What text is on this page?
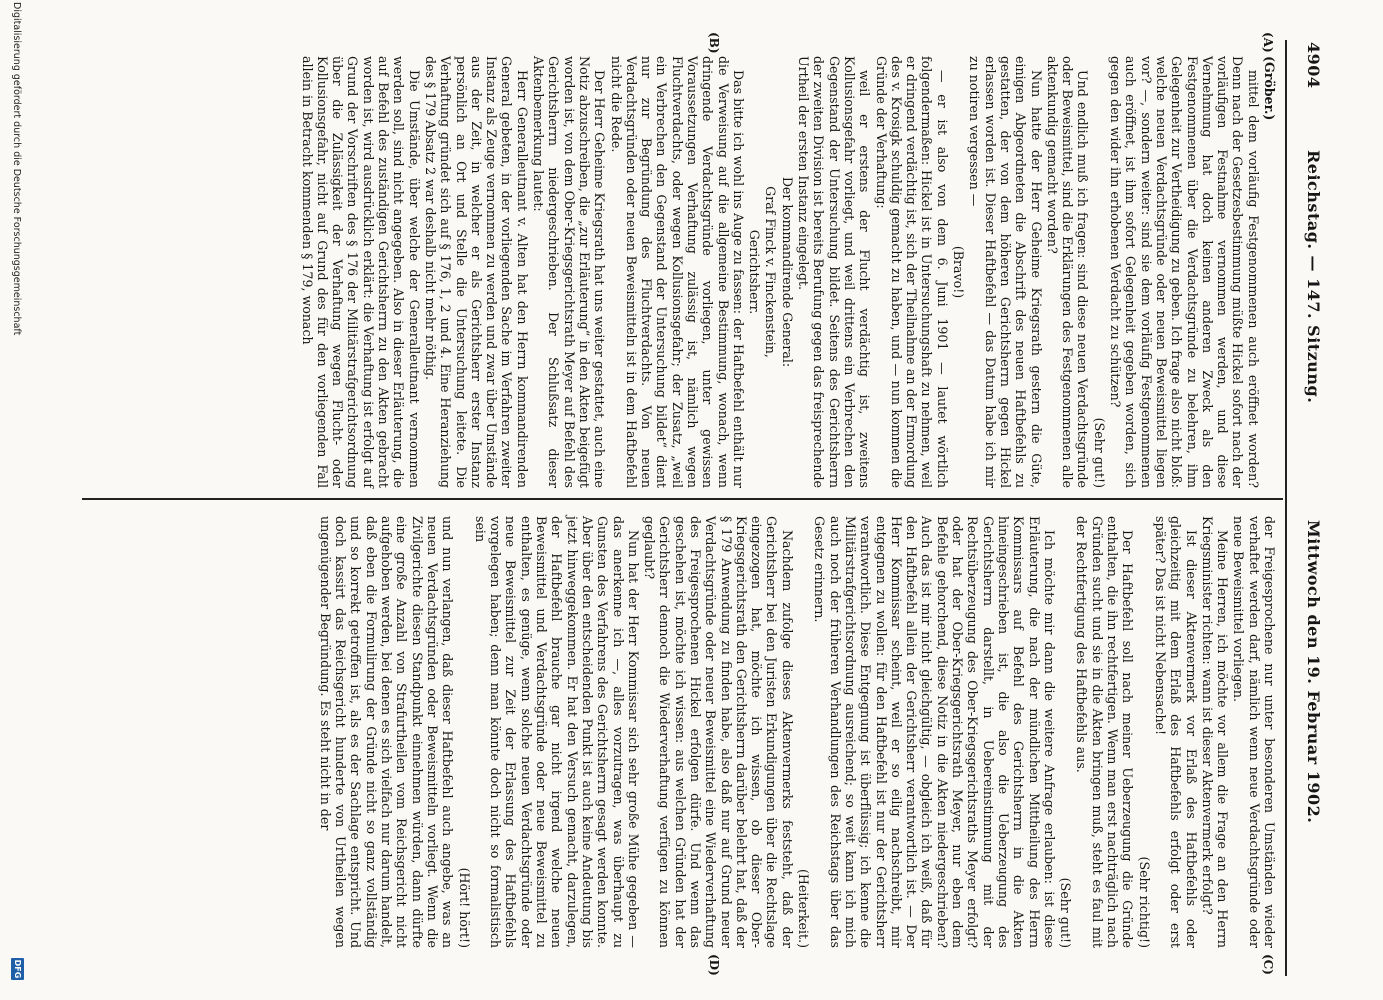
4904
Reichstag. — 147. Sitzung.
Mittwoch den 19. Februar 1902.
(A)
(B)
(C)
(D)

(Gröber.)

mittel dem vorläufig Festgenommenen auch eröffnet worden? Denn nach der Gesetzesbestimmung müßte Hickel sofort nach der vorläufigen Festnahme vernommen werden, und diese Vernehmung hat doch keinen anderen Zweck als den Festgenommenen über die Verdachtsgründe zu belehren, ihm Gelegenheit zur Vertheidigung zu geben. Ich frage also nicht bloß: welche neuen Verdachtsgründe oder neuen Beweismittel liegen vor? —, sondern weiter: sind sie dem vorläufig Festgenommenen auch eröffnet, ist ihm sofort Gelegenheit gegeben worden, sich gegen den wider ihn erhobenen Verdacht zu schützen?

(Sehr gut!)

Und endlich muß ich fragen: sind diese neuen Verdachtsgründe oder Beweismittel, sind die Erklärungen des Festgenommenen alle aktenkundig gemacht worden?

Nun hatte der Herr Geheime Kriegsrath gestern die Güte, einigen Abgeordneten die Abschrift des neuen Haftbefehls zu gestatten, der von dem höheren Gerichtsherrn gegen Hickel erlassen worden ist. Dieser Haftbefehl — das Datum habe ich mir zu notiren vergessen —

(Bravo!)

— er ist also von dem 6. Juni 1901 — lautet wörtlich folgendermaßen: Hickel ist in Untersuchungshaft zu nehmen, weil er dringend verdächtig ist, sich der Theilnahme an der Ermordung des v. Krosigk schuldig gemacht zu haben, und — nun kommen die Gründe der Verhaftung:

weil er erstens der Flucht verdächtig ist, zweitens Kollusionsgefahr vorliegt, und weil drittens ein Verbrechen den Gegenstand der Untersuchung bildet. Seitens des Gerichtsherrn der zweiten Division ist bereits Berufung gegen das freisprechende Urtheil der ersten Instanz eingelegt.

Der kommandirende General:

Graf Finck v. Finckenstein,

Gerichtsherr.

Das bitte ich wohl ins Auge zu fassen: der Haftbefehl enthält nur die Verweisung auf die allgemeine Bestimmung, wonach, wenn dringende Verdachtsgründe vorliegen, unter gewissen Voraussetzungen Verhaftung zulässig ist, nämlich wegen Fluchtverdachts, oder wegen Kollusionsgefahr; der Zusatz, „weil ein Verbrechen den Gegenstand der Untersuchung bildet“ dient nur zur Begründung des Fluchtverdachts. Von neuen Verdachtsgründen oder neuen Beweismitteln ist in dem Haftbefehl nicht die Rede.

Der Herr Geheime Kriegsrath hat uns weiter gestattet, auch eine Notiz abzuschreiben, die „zur Erläuterung“ in den Akten beigefügt worden ist, von dem Ober-Kriegsgerichtsrath Meyer auf Befehl des Gerichtsherrn niedergeschrieben. Der Schlußsatz dieser Aktenbemerkung lautet:

Herr Generalleutnant v. Alten hat den Herrn kommandirenden General gebeten, in der vorliegenden Sache im Verfahren zweiter Instanz als Zeuge vernommen zu werden und zwar über Umstände aus der Zeit, in welcher er als Gerichtsherr erster Instanz persönlich an Ort und Stelle die Untersuchung leitete. Die Verhaftung gründet sich auf § 176, 1, 2 und 4. Eine Heranziehung des § 179 Absatz 2 war deshalb nicht mehr nöthig.

Die Umstände, über welche der Generalleutnant vernommen werden soll, sind nicht angegeben. Also in dieser Erläuterung, die auf Befehl des zuständigen Gerichtsherrn zu den Akten gebracht worden ist, wird ausdrücklich erklärt: die Verhaftung ist erfolgt auf Grund der Vorschriften des § 176 der Militärstrafgerichtsordnung über die Zulässigkeit der Verhaftung wegen Flucht- oder Kollusionsgefahr, nicht auf Grund des für den vorliegenden Fall allein in Betracht kommenden § 179, wonach

der Freigesprochene nur unter besonderen Umständen wieder verhaftet werden darf, nämlich wenn neue Verdachtsgründe oder neue Beweismittel vorliegen.

Meine Herren, ich möchte vor allem die Frage an den Herrn Kriegsminister richten: wann ist dieser Aktenvermerk erfolgt?

Ist dieser Aktenvermerk vor Erlaß des Haftbefehls oder gleichzeitig mit dem Erlaß des Haftbefehls erfolgt oder erst später? Das ist nicht Nebensache!

(Sehr richtig!)

Der Haftbefehl soll nach meiner Ueberzeugung die Gründe enthalten, die ihn rechtfertigen. Wenn man erst nachträglich nach Gründen sucht und sie in die Akten bringen muß, steht es faul mit der Rechtfertigung des Haftbefehls aus.

(Sehr gut!)

Ich möchte mir dann die weitere Anfrage erlauben: ist diese Erläuterung, die nach der mündlichen Mittheilung des Herrn Kommissars auf Befehl des Gerichtsherrn in die Akten hineingeschrieben ist, die also die Ueberzeugung des Gerichtsherrn darstellt, in Uebereinstimmung mit der Rechtsüberzeugung des Ober-Kriegsgerichtsraths Meyer erfolgt? oder hat der Ober-Kriegsgerichtsrath Meyer, nur eben dem Befehle gehorchend, diese Notiz in die Akten niedergeschrieben? Auch das ist mir nicht gleichgültig, — obgleich ich weiß, daß für den Haftbefehl allein der Gerichtsherr verantwortlich ist. — Der Herr Kommissar scheint, weil er so eilig nachschreibt, mir entgegnen zu wollen: für den Haftbefehl ist nur der Gerichtsherr verantwortlich. Diese Entgegnung ist überflüssig; ich kenne die Militärstrafgerichtsordnung ausreichend; so weit kann ich mich auch noch der früheren Verhandlungen des Reichstags über das Gesetz erinnern.

(Heiterkeit.)

Nachdem zufolge dieses Aktenvermerks feststeht, daß der Gerichtsherr bei den Juristen Erkundigungen über die Rechtslage eingezogen hat, möchte ich wissen, ob dieser Ober-Kriegsgerichtsrath den Gerichtsherrn darüber belehrt hat, daß der § 179 Anwendung zu finden habe, also daß nur auf Grund neuer Verdachtsgründe oder neuer Beweismittel eine Wiederverhaftung des Freigesprochenen Hickel erfolgen dürfe. Und wenn das geschehen ist, möchte ich wissen: aus welchen Gründen hat der Gerichtsherr dennoch die Wiederverhaftung verfügen zu können geglaubt?

Nun hat der Herr Kommissar sich sehr große Mühe gegeben — das anerkenne ich —, alles vorzutragen, was überhaupt zu Gunsten des Verfahrens des Gerichtsherrn gesagt werden konnte. Aber über den entscheidenden Punkt ist auch keine Andeutung bis jetzt hinweggekommen. Er hat den Versuch gemacht, darzulegen, der Haftbefehl brauche gar nicht irgend welche neuen Beweismittel und Verdachtsgründe oder neue Beweismittel zu enthalten, es genüge, wenn solche neuen Verdachtsgründe oder neue Beweismittel zur Zeit der Erlassung des Haftbefehls vorgelegen haben; denn man könnte doch nicht so formalistisch sein

(Hört! hört!)

und nun verlangen, daß dieser Haftbefehl auch angebe, was an neuen Verdachtsgründen oder Beweismitteln vorliegt. Wenn die Zivilgerichte diesen Standpunkt einnehmen würden, dann dürfte eine große Anzahl von Strafurtheilen vom Reichsgericht nicht aufgehoben werden, bei denen es sich vielfach nur darum handelt, daß eben die Formulirung der Gründe nicht so ganz vollständig und so korrekt getroffen ist, als es der Sachlage entspricht. Und doch kassirt das Reichsgericht hunderte von Urtheilen wegen ungenügender Begründung. Es steht nicht in der

Digitalisierung gefördert durch die Deutsche Forschungsgemeinschaft
DFG
